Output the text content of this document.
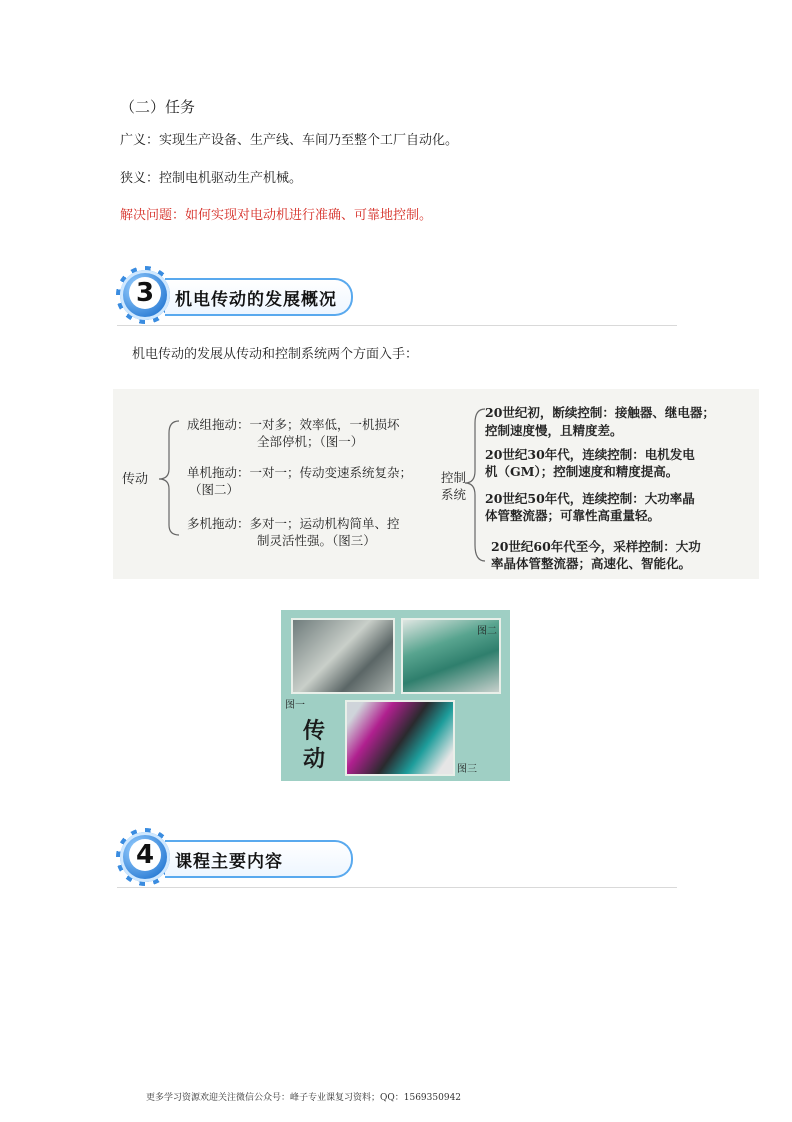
（二）任务
广义：实现生产设备、生产线、车间乃至整个工厂自动化。
狭义：控制电机驱动生产机械。
解决问题：如何实现对电动机进行准确、可靠地控制。
机电传动的发展概况
3
机电传动的发展从传动和控制系统两个方面入手：
传动
成组拖动：一对多；效率低，一机损坏
全部停机；（图一）
单机拖动：一对一；传动变速系统复杂；
（图二）
多机拖动：多对一；运动机构简单、控
制灵活性强。（图三）
控制
系统
20世纪初，断续控制：接触器、继电器；
控制速度慢，且精度差。
20世纪30年代，连续控制：电机发电
机（GM）；控制速度和精度提高。
20世纪50年代，连续控制：大功率晶
体管整流器；可靠性高重量轻。
20世纪60年代至今，采样控制：大功
率晶体管整流器；高速化、智能化。
图二
图一
图三
传
动
课程主要内容
4
更多学习资源欢迎关注微信公众号：峰子专业课复习资料；QQ：1569350942
